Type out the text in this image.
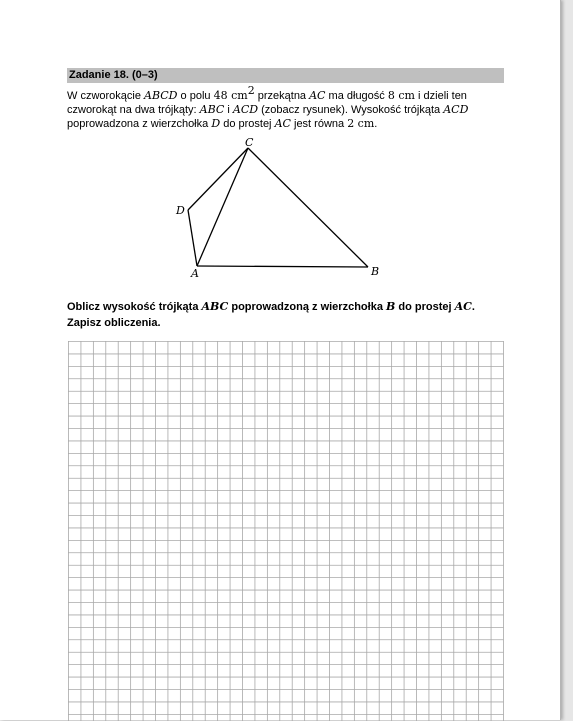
Zadanie 18. (0–3)
W czworokącie ABCD o polu 48 $cm^2$ przekątna AC ma długość 8 cm i dzieli ten
czworokąt na dwa trójkąty: ABC i ACD (zobacz rysunek). Wysokość trójkąta ACD
poprowadzona z wierzchołka D do prostej AC jest równa 2 cm.
A	B
C
D
Oblicz wysokość trójkąta ABC poprowadzoną z wierzchołka B do prostej AC.
Zapisz obliczenia.
